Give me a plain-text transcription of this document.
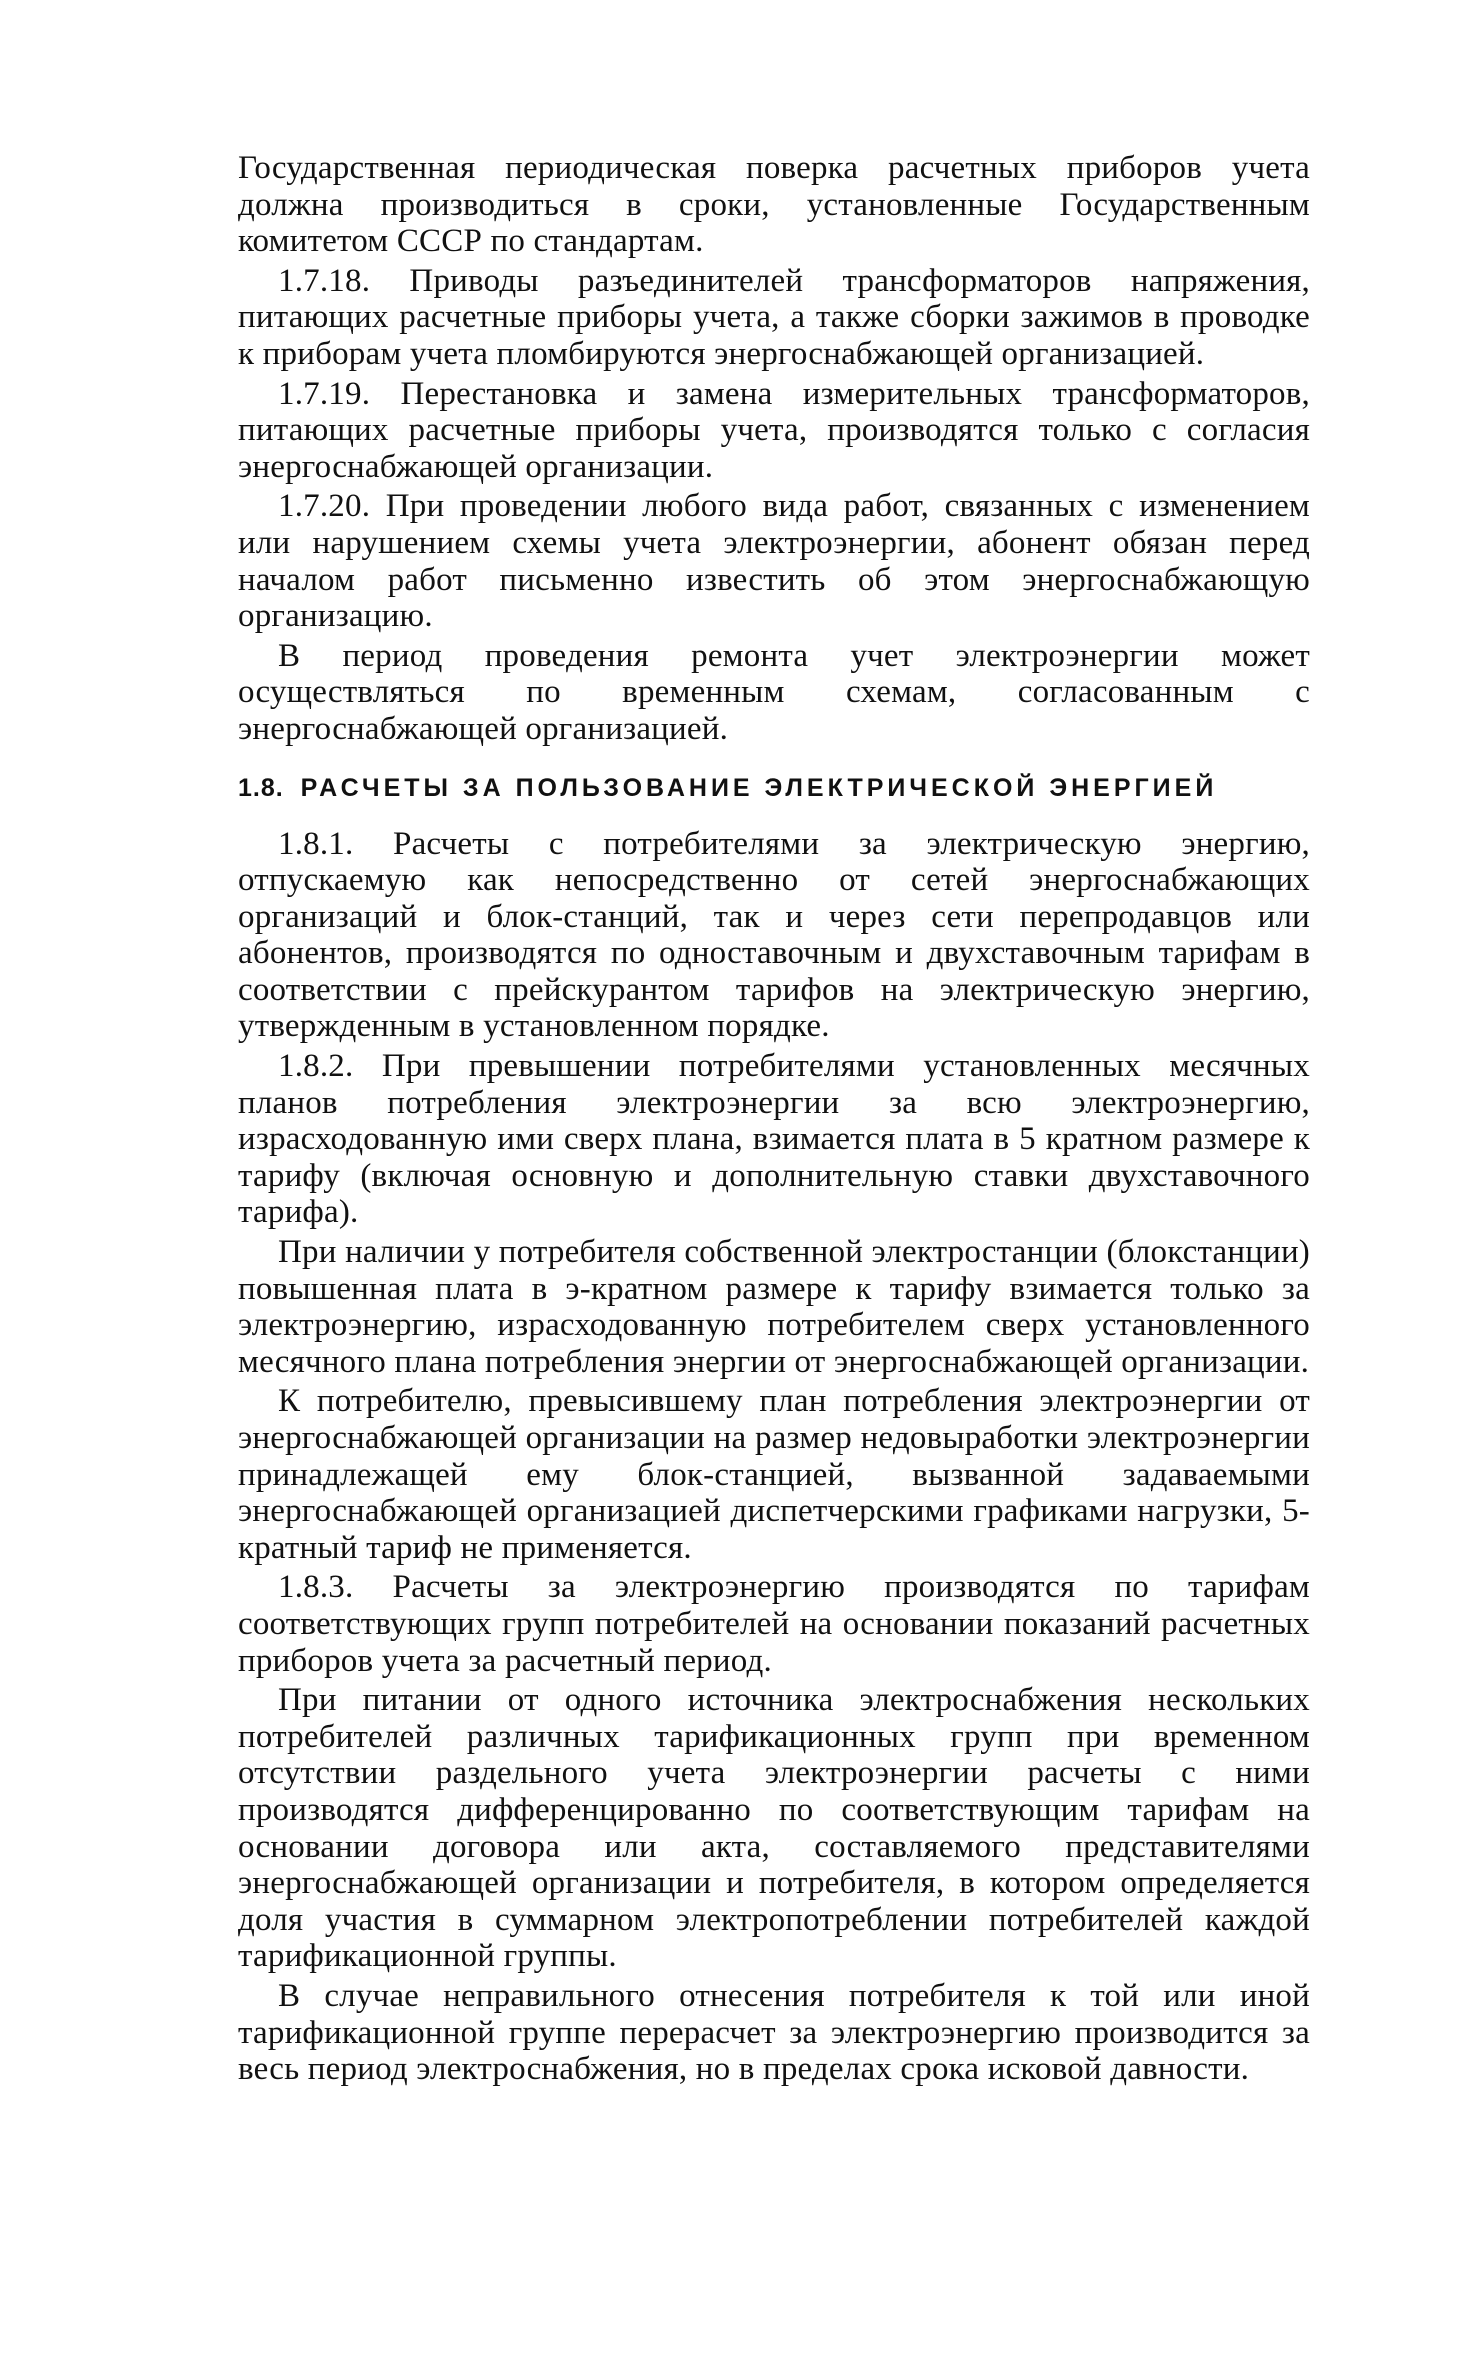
Государственная периодическая поверка расчетных приборов учета должна производиться в сроки, установленные Государственным комитетом СССР по стандартам.

1.7.18. Приводы разъединителей трансформаторов напряжения, питающих расчетные приборы учета, а также сборки зажимов в проводке к приборам учета пломбируются энергоснабжающей организацией.

1.7.19. Перестановка и замена измерительных трансформаторов, питающих расчетные приборы учета, производятся только с согласия энергоснабжающей организации.

1.7.20. При проведении любого вида работ, связанных с изменением или нарушением схемы учета электроэнергии, абонент обязан перед началом работ письменно известить об этом энергоснабжающую организацию.

В период проведения ремонта учет электроэнергии может осуществляться по временным схемам, согласованным с энергоснабжающей организацией.

1.8. РАСЧЕТЫ ЗА ПОЛЬЗОВАНИЕ ЭЛЕКТРИЧЕСКОЙ ЭНЕРГИЕЙ

1.8.1. Расчеты с потребителями за электрическую энергию, отпускаемую как непосредственно от сетей энергоснабжающих организаций и блок-станций, так и через сети перепродавцов или абонентов, производятся по одноставочным и двухставочным тарифам в соответствии с прейскурантом тарифов на электрическую энергию, утвержденным в установленном порядке.

1.8.2. При превышении потребителями установленных месячных планов потребления электроэнергии за всю электроэнергию, израсходованную ими сверх плана, взимается плата в 5 кратном размере к тарифу (включая основную и дополнительную ставки двухставочного тарифа).

При наличии у потребителя собственной электростанции (блокстанции) повышенная плата в э-кратном размере к тарифу взимается только за электроэнергию, израсходованную потребителем сверх установленного месячного плана потребления энергии от энергоснабжающей организации.

К потребителю, превысившему план потребления электроэнергии от энергоснабжающей организации на размер недовыработки электроэнергии принадлежащей ему блок-станцией, вызванной задаваемыми энергоснабжающей организацией диспетчерскими графиками нагрузки, 5-кратный тариф не применяется.

1.8.3. Расчеты за электроэнергию производятся по тарифам соответствующих групп потребителей на основании показаний расчетных приборов учета за расчетный период.

При питании от одного источника электроснабжения нескольких потребителей различных тарификационных групп при временном отсутствии раздельного учета электроэнергии расчеты с ними производятся дифференцированно по соответствующим тарифам на основании договора или акта, составляемого представителями энергоснабжающей организации и потребителя, в котором определяется доля участия в суммарном электропотреблении потребителей каждой тарификационной группы.

В случае неправильного отнесения потребителя к той или иной тарификационной группе перерасчет за электроэнергию производится за весь период электроснабжения, но в пределах срока исковой давности.
